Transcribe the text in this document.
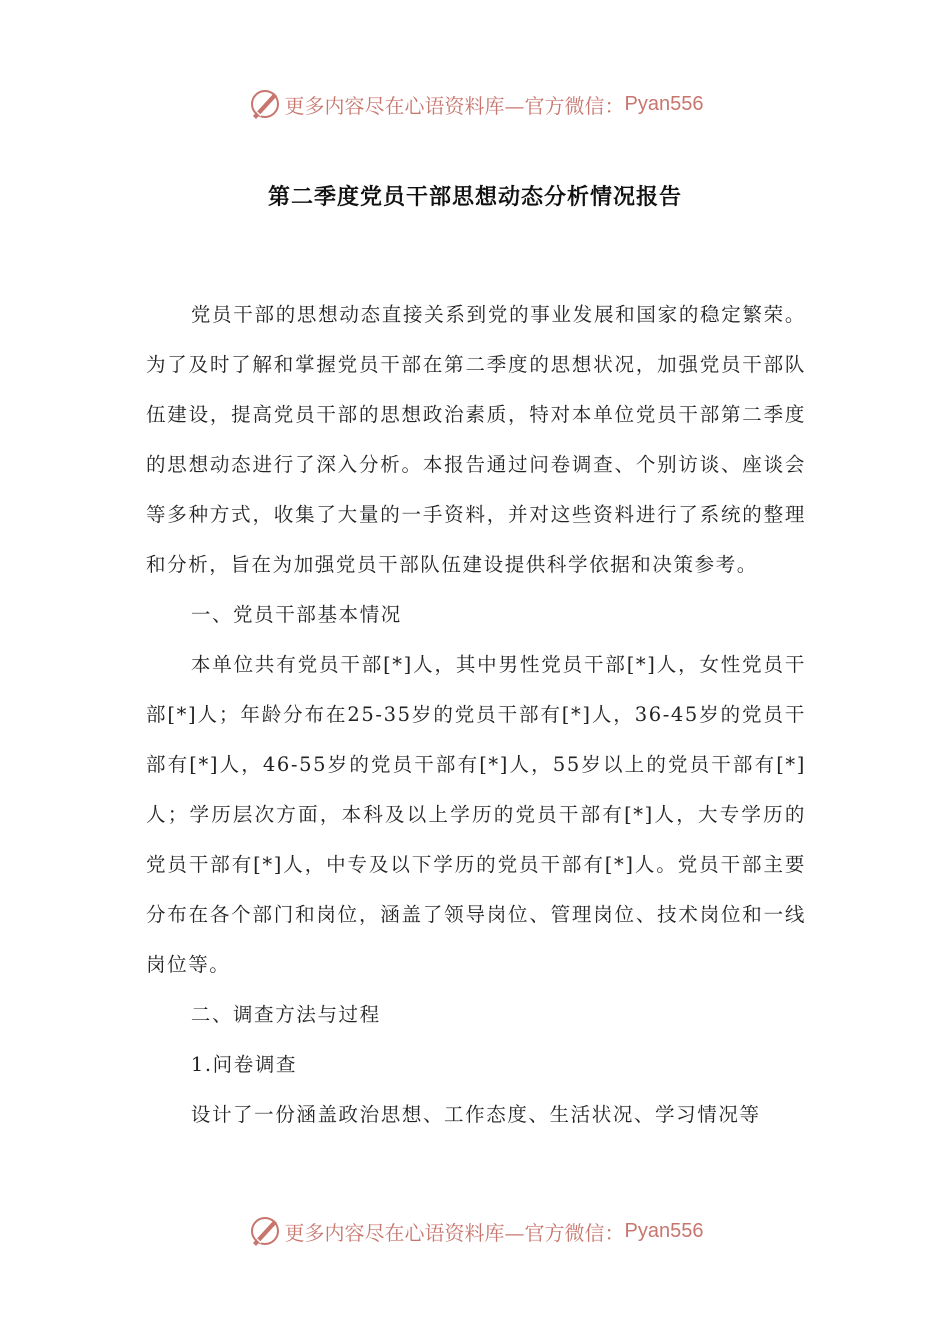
更多内容尽在心语资料库—官方微信： Pyan556
第二季度党员干部思想动态分析情况报告

党员干部的思想动态直接关系到党的事业发展和国家的稳定繁荣。为了及时了解和掌握党员干部在第二季度的思想状况，加强党员干部队伍建设，提高党员干部的思想政治素质，特对本单位党员干部第二季度的思想动态进行了深入分析。本报告通过问卷调查、个别访谈、座谈会等多种方式，收集了大量的一手资料，并对这些资料进行了系统的整理和分析，旨在为加强党员干部队伍建设提供科学依据和决策参考。

一、党员干部基本情况

本单位共有党员干部[*]人，其中男性党员干部[*]人，女性党员干部[*]人；年龄分布在25-35岁的党员干部有[*]人，36-45岁的党员干部有[*]人，46-55岁的党员干部有[*]人，55岁以上的党员干部有[*]人；学历层次方面，本科及以上学历的党员干部有[*]人，大专学历的党员干部有[*]人，中专及以下学历的党员干部有[*]人。党员干部主要分布在各个部门和岗位，涵盖了领导岗位、管理岗位、技术岗位和一线岗位等。

二、调查方法与过程

1.问卷调查

设计了一份涵盖政治思想、工作态度、生活状况、学习情况等

更多内容尽在心语资料库—官方微信： Pyan556
